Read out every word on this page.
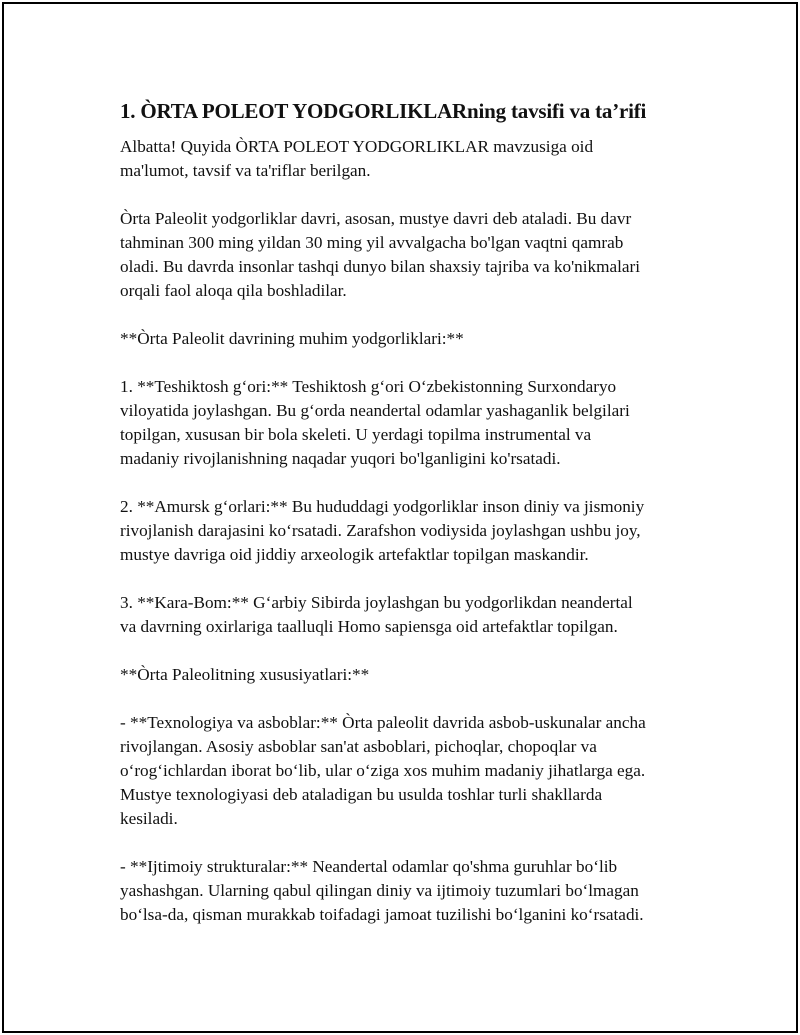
1. ÒRTA POLEOT YODGORLIKLARning tavsifi va ta’rifi

Albatta! Quyida ÒRTA POLEOT YODGORLIKLAR mavzusiga oid
ma'lumot, tavsif va ta'riflar berilgan.

Òrta Paleolit yodgorliklar davri, asosan, mustye davri deb ataladi. Bu davr
tahminan 300 ming yildan 30 ming yil avvalgacha bo'lgan vaqtni qamrab
oladi. Bu davrda insonlar tashqi dunyo bilan shaxsiy tajriba va ko'nikmalari
orqali faol aloqa qila boshladilar.

**Òrta Paleolit davrining muhim yodgorliklari:**

1. **Teshiktosh g‘ori:** Teshiktosh g‘ori O‘zbekistonning Surxondaryo
viloyatida joylashgan. Bu g‘orda neandertal odamlar yashaganlik belgilari
topilgan, xususan bir bola skeleti. U yerdagi topilma instrumental va
madaniy rivojlanishning naqadar yuqori bo'lganligini ko'rsatadi.

2. **Amursk g‘orlari:** Bu hududdagi yodgorliklar inson diniy va jismoniy
rivojlanish darajasini ko‘rsatadi. Zarafshon vodiysida joylashgan ushbu joy,
mustye davriga oid jiddiy arxeologik artefaktlar topilgan maskandir.

3. **Kara-Bom:** G‘arbiy Sibirda joylashgan bu yodgorlikdan neandertal
va davrning oxirlariga taalluqli Homo sapiensga oid artefaktlar topilgan.

**Òrta Paleolitning xususiyatlari:**

- **Texnologiya va asboblar:** Òrta paleolit davrida asbob-uskunalar ancha
rivojlangan. Asosiy asboblar san'at asboblari, pichoqlar, chopoqlar va
o‘rog‘ichlardan iborat bo‘lib, ular o‘ziga xos muhim madaniy jihatlarga ega.
Mustye texnologiyasi deb ataladigan bu usulda toshlar turli shakllarda
kesiladi.

- **Ijtimoiy strukturalar:** Neandertal odamlar qo'shma guruhlar bo‘lib
yashashgan. Ularning qabul qilingan diniy va ijtimoiy tuzumlari bo‘lmagan
bo‘lsa-da, qisman murakkab toifadagi jamoat tuzilishi bo‘lganini ko‘rsatadi.
